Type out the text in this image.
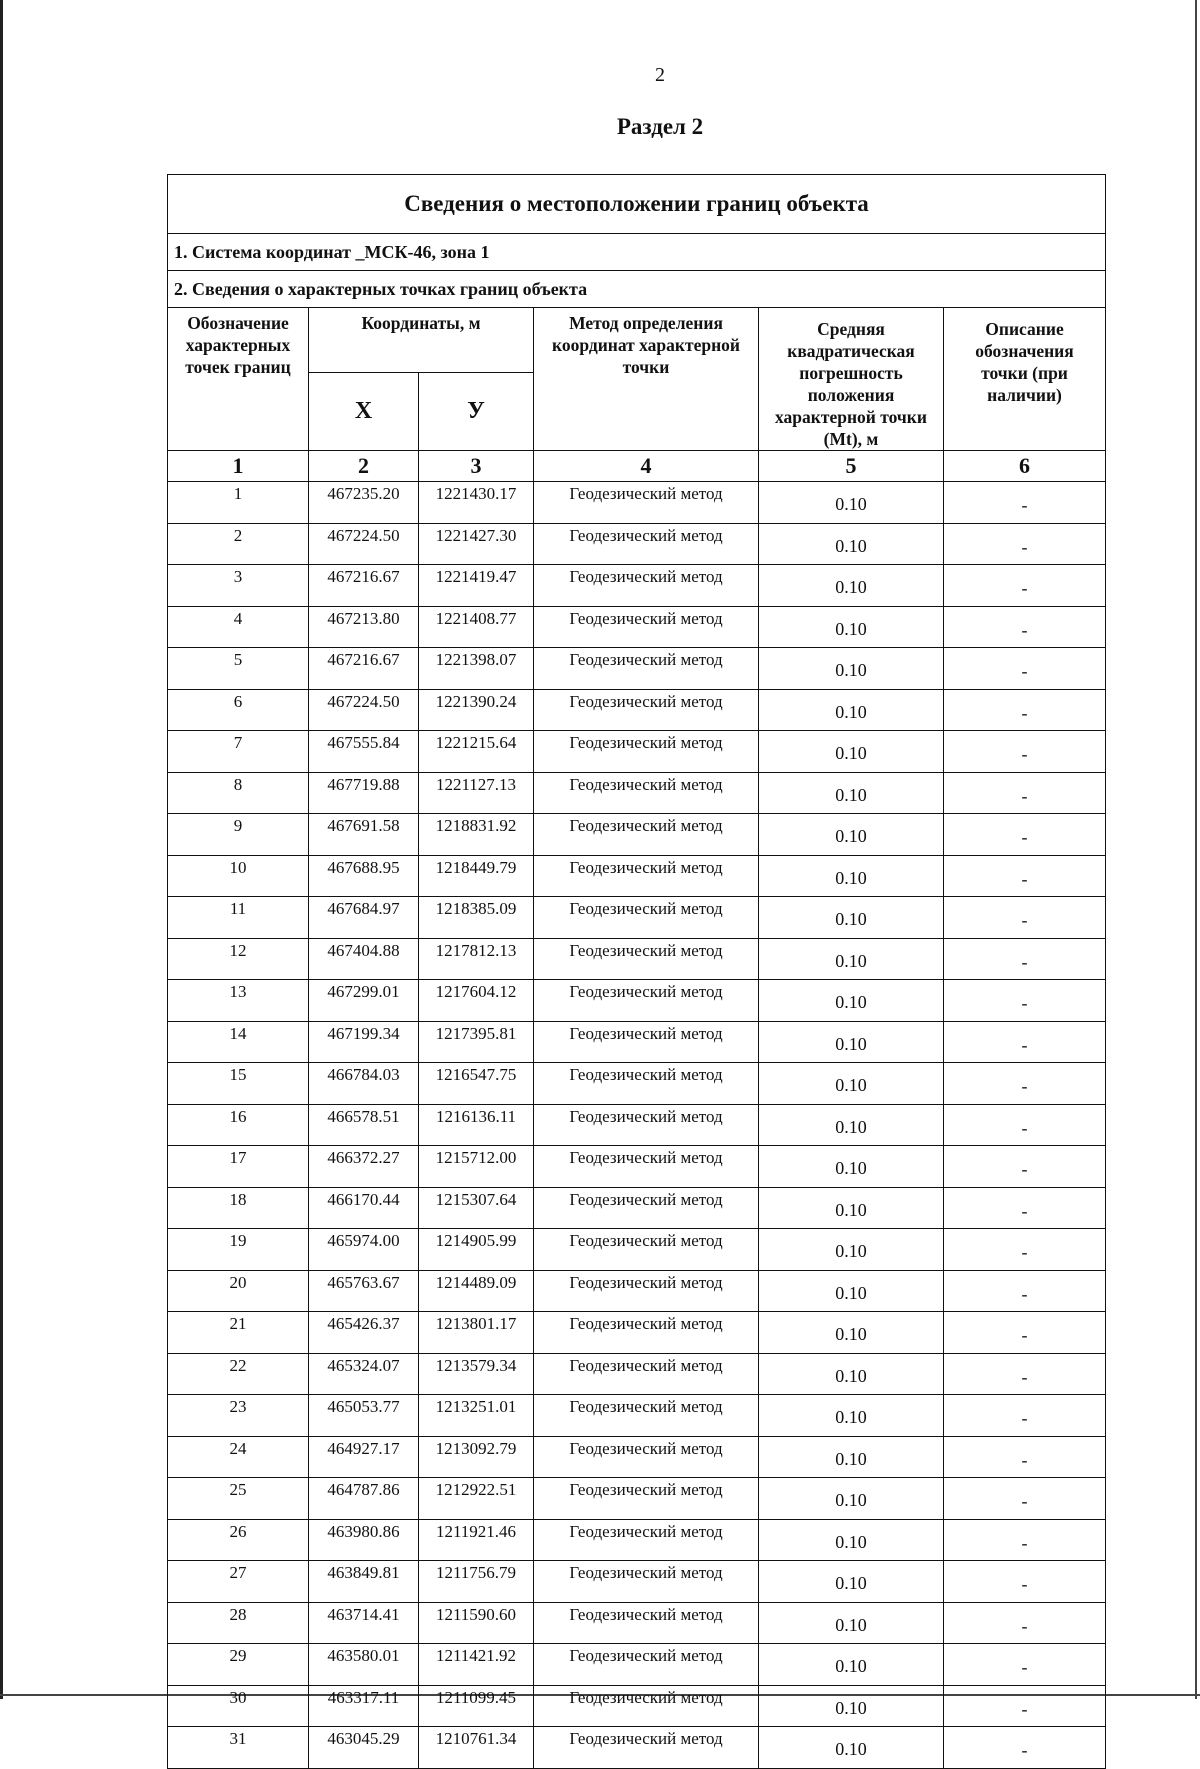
2
Раздел 2
Сведения о местоположении границ объекта					
1. Система координат _МСК-46, зона 1					
2. Сведения о характерных точках границ объекта					
Обозначение характерных точек границ	Координаты, м		Метод определения координат характерной точки	Средняя квадратическая погрешность положения характерной точки (Mt), м	Описание обозначения точки (при наличии)
	X	У			
1	2	3	4	5	6
1	467235.20	1221430.17	Геодезический метод	0.10	-
2	467224.50	1221427.30	Геодезический метод	0.10	-
3	467216.67	1221419.47	Геодезический метод	0.10	-
4	467213.80	1221408.77	Геодезический метод	0.10	-
5	467216.67	1221398.07	Геодезический метод	0.10	-
6	467224.50	1221390.24	Геодезический метод	0.10	-
7	467555.84	1221215.64	Геодезический метод	0.10	-
8	467719.88	1221127.13	Геодезический метод	0.10	-
9	467691.58	1218831.92	Геодезический метод	0.10	-
10	467688.95	1218449.79	Геодезический метод	0.10	-
11	467684.97	1218385.09	Геодезический метод	0.10	-
12	467404.88	1217812.13	Геодезический метод	0.10	-
13	467299.01	1217604.12	Геодезический метод	0.10	-
14	467199.34	1217395.81	Геодезический метод	0.10	-
15	466784.03	1216547.75	Геодезический метод	0.10	-
16	466578.51	1216136.11	Геодезический метод	0.10	-
17	466372.27	1215712.00	Геодезический метод	0.10	-
18	466170.44	1215307.64	Геодезический метод	0.10	-
19	465974.00	1214905.99	Геодезический метод	0.10	-
20	465763.67	1214489.09	Геодезический метод	0.10	-
21	465426.37	1213801.17	Геодезический метод	0.10	-
22	465324.07	1213579.34	Геодезический метод	0.10	-
23	465053.77	1213251.01	Геодезический метод	0.10	-
24	464927.17	1213092.79	Геодезический метод	0.10	-
25	464787.86	1212922.51	Геодезический метод	0.10	-
26	463980.86	1211921.46	Геодезический метод	0.10	-
27	463849.81	1211756.79	Геодезический метод	0.10	-
28	463714.41	1211590.60	Геодезический метод	0.10	-
29	463580.01	1211421.92	Геодезический метод	0.10	-
30	463317.11	1211099.45	Геодезический метод	0.10	-
31	463045.29	1210761.34	Геодезический метод	0.10	-
